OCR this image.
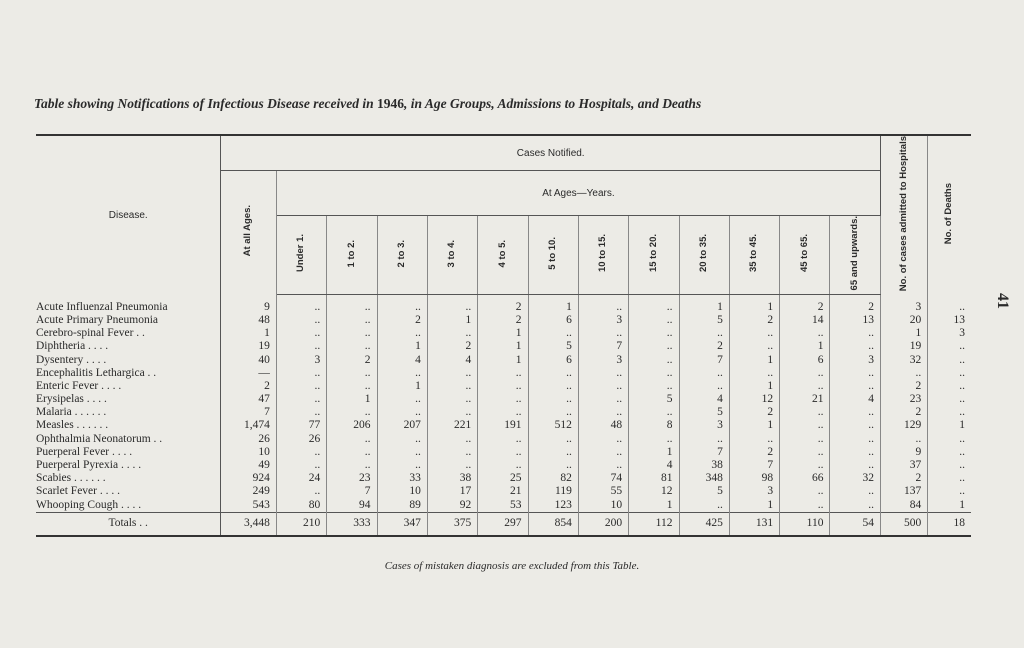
41
Table showing Notifications of Infectious Disease received in 1946, in Age Groups, Admissions to Hospitals, and Deaths
Disease.	Cases Notified.													No. of cases admitted to Hospitals	No. of Deaths
	At all Ages.	At Ages—Years.													
		Under 1.	1 to 2.	2 to 3.	3 to 4.	4 to 5.	5 to 10.	10 to 15.	15 to 20.	20 to 35.	35 to 45.	45 to 65.	65 and upwards.		
Acute Influenzal Pneumonia	9	..	..	..	..	2	1	..	..	1	1	2	2	3	..
Acute Primary Pneumonia	48	..	..	2	1	2	6	3	..	5	2	14	13	20	13
Cerebro-spinal Fever . .	1	..	..	..	..	1	..	..	..	..	..	..	..	1	3
Diphtheria . . . .	19	..	..	1	2	1	5	7	..	2	..	1	..	19	..
Dysentery . . . .	40	3	2	4	4	1	6	3	..	7	1	6	3	32	..
Encephalitis Lethargica . .	—	..	..	..	..	..	..	..	..	..	..	..	..	..	..
Enteric Fever . . . .	2	..	..	1	..	..	..	..	..	..	1	..	..	2	..
Erysipelas . . . .	47	..	1	..	..	..	..	..	5	4	12	21	4	23	..
Malaria . . . . . .	7	..	..	..	..	..	..	..	..	5	2	..	..	2	..
Measles . . . . . .	1,474	77	206	207	221	191	512	48	8	3	1	..	..	129	1
Ophthalmia Neonatorum . .	26	26	..	..	..	..	..	..	..	..	..	..	..	..	..
Puerperal Fever . . . .	10	..	..	..	..	..	..	..	1	7	2	..	..	9	..
Puerperal Pyrexia . . . .	49	..	..	..	..	..	..	..	4	38	7	..	..	37	..
Scabies . . . . . .	924	24	23	33	38	25	82	74	81	348	98	66	32	2	..
Scarlet Fever . . . .	249	..	7	10	17	21	119	55	12	5	3	..	..	137	..
Whooping Cough . . . .	543	80	94	89	92	53	123	10	1	..	1	..	..	84	1
Totals . .	3,448	210	333	347	375	297	854	200	112	425	131	110	54	500	18
Cases of mistaken diagnosis are excluded from this Table.
